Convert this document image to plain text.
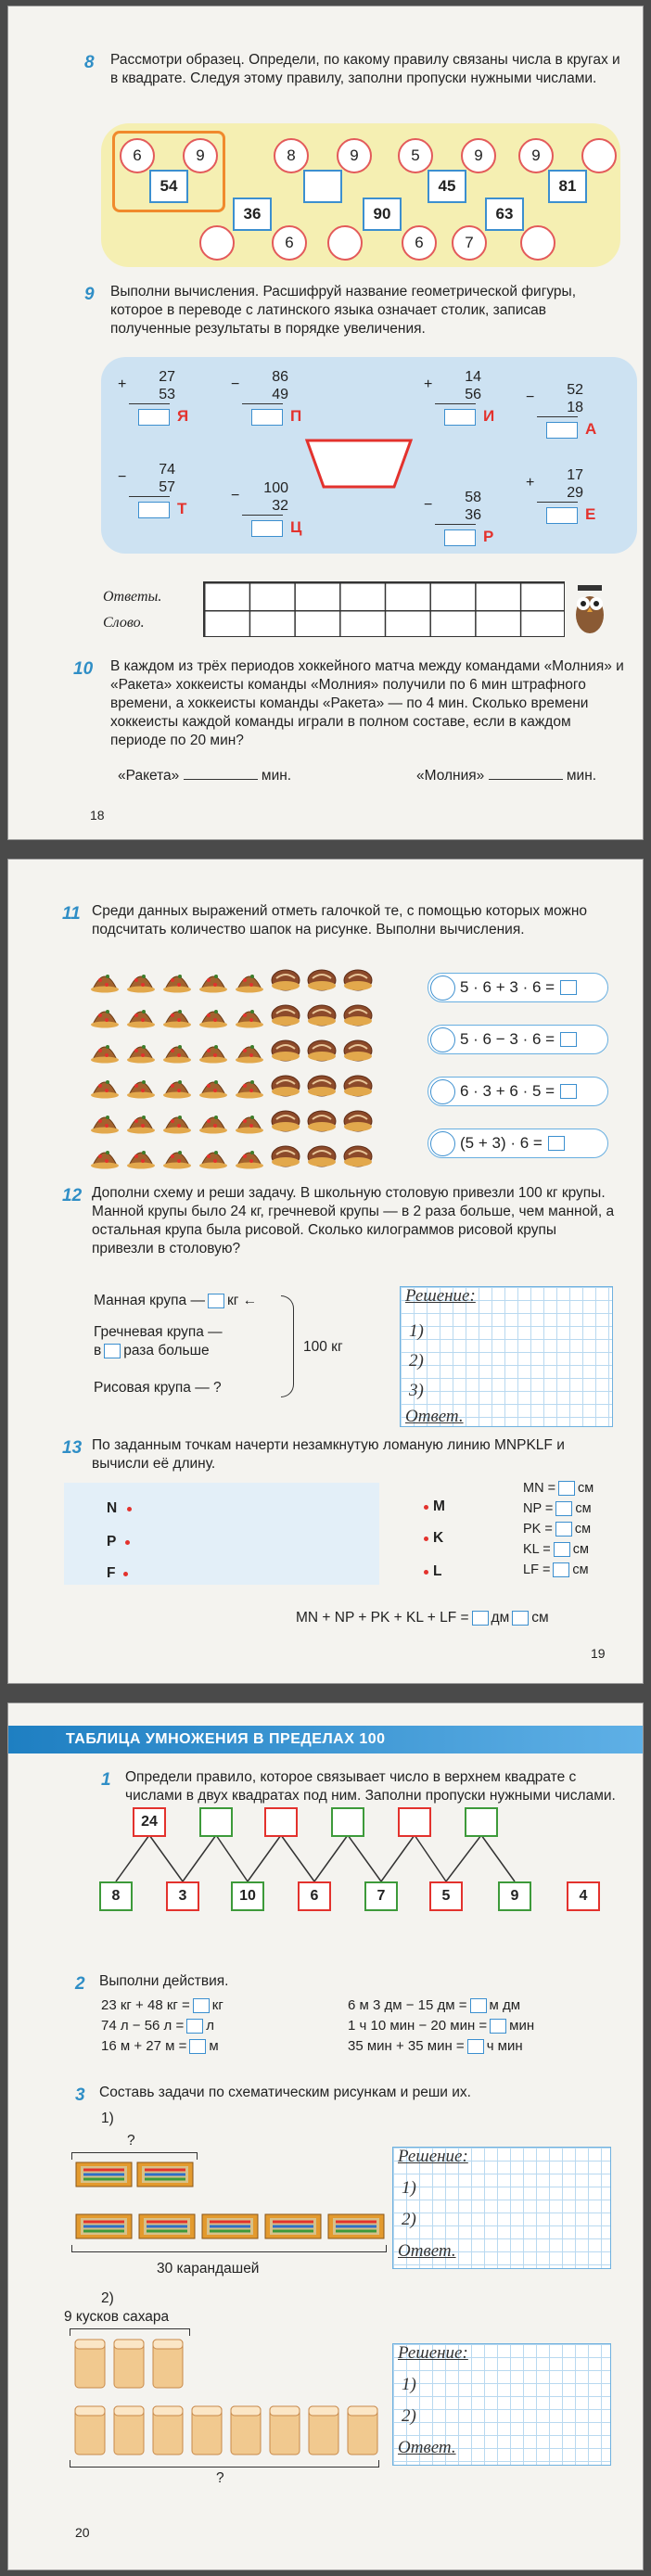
8 Рассмотри образец. Определи, по какому правилу связаны числа в кругах и в квадрате. Следуя этому правилу, заполни пропуски нужными числами.
6	9
54
8	9	5	9
45
9
81
36
6
90
6
63
7
9 Выполни вычисления. Расшифруй название геометрической фигуры, которое в переводе с латинского языка означает столик, записав полученные результаты в порядке увеличения.
Ответы.
Слово.
10 В каждом из трёх периодов хоккейного матча между командами «Молния» и «Ракета» хоккеисты команды «Молния» получили по 6 мин штрафного времени, а хоккеисты команды «Ракета» — по 4 мин. Сколько времени хоккеисты каждой команды играли в полном составе, если в каждом периоде по 20 мин?
«Ракета»	мин.	«Молния»	мин.
18
+	27
53
Я
−	86
49
П
+	14
56
И
−	52
18
А
−	74
57
Т
−	100
32
Ц
−	58
36
Р
+	17
29
Е
11 Среди данных выражений отметь галочкой те, с помощью которых можно подсчитать количество шапок на рисунке. Выполни вычисления.
12 Дополни схему и реши задачу. В школьную столовую привезли 100 кг крупы. Манной крупы было 24 кг, гречневой крупы — в 2 раза больше, чем манной, а остальная крупа была рисовой. Сколько килограммов рисовой крупы привезли в столовую?
Манная крупа — кг ←
Гречневая крупа —
в раза больше
Рисовая крупа — ?
100 кг
Решение:
1)
2)
3)
Ответ.
13 По заданным точкам начерти незамкнутую ломаную линию MNPKLF и вычисли её длину.
N
P
F
M
K
L
MN + NP + PK + KL + LF = дм см
19
5 · 6 + 3 · 6 =
5 · 6 − 3 · 6 =
6 · 3 + 6 · 5 =
(5 + 3) · 6 =
MN = см
NP = см
PK = см
KL = см
LF = см
ТАБЛИЦА УМНОЖЕНИЯ В ПРЕДЕЛАХ 100
1 Определи правило, которое связывает число в верхнем квадрате с числами в двух квадратах под ним. Заполни пропуски нужными числами.
2 Выполни действия.
3 Составь задачи по схематическим рисункам и реши их.
1)
?
30 карандашей
2)
9 кусков сахара
?
Решение:
1)
2)
Ответ.
Решение:
1)
2)
Ответ.
20
24
8	3	10	6	7	5	9	4
23 кг + 48 кг = кг
74 л − 56 л = л
16 м + 27 м = м
6 м 3 дм − 15 дм = м дм
1 ч 10 мин − 20 мин = мин
35 мин + 35 мин = ч мин
